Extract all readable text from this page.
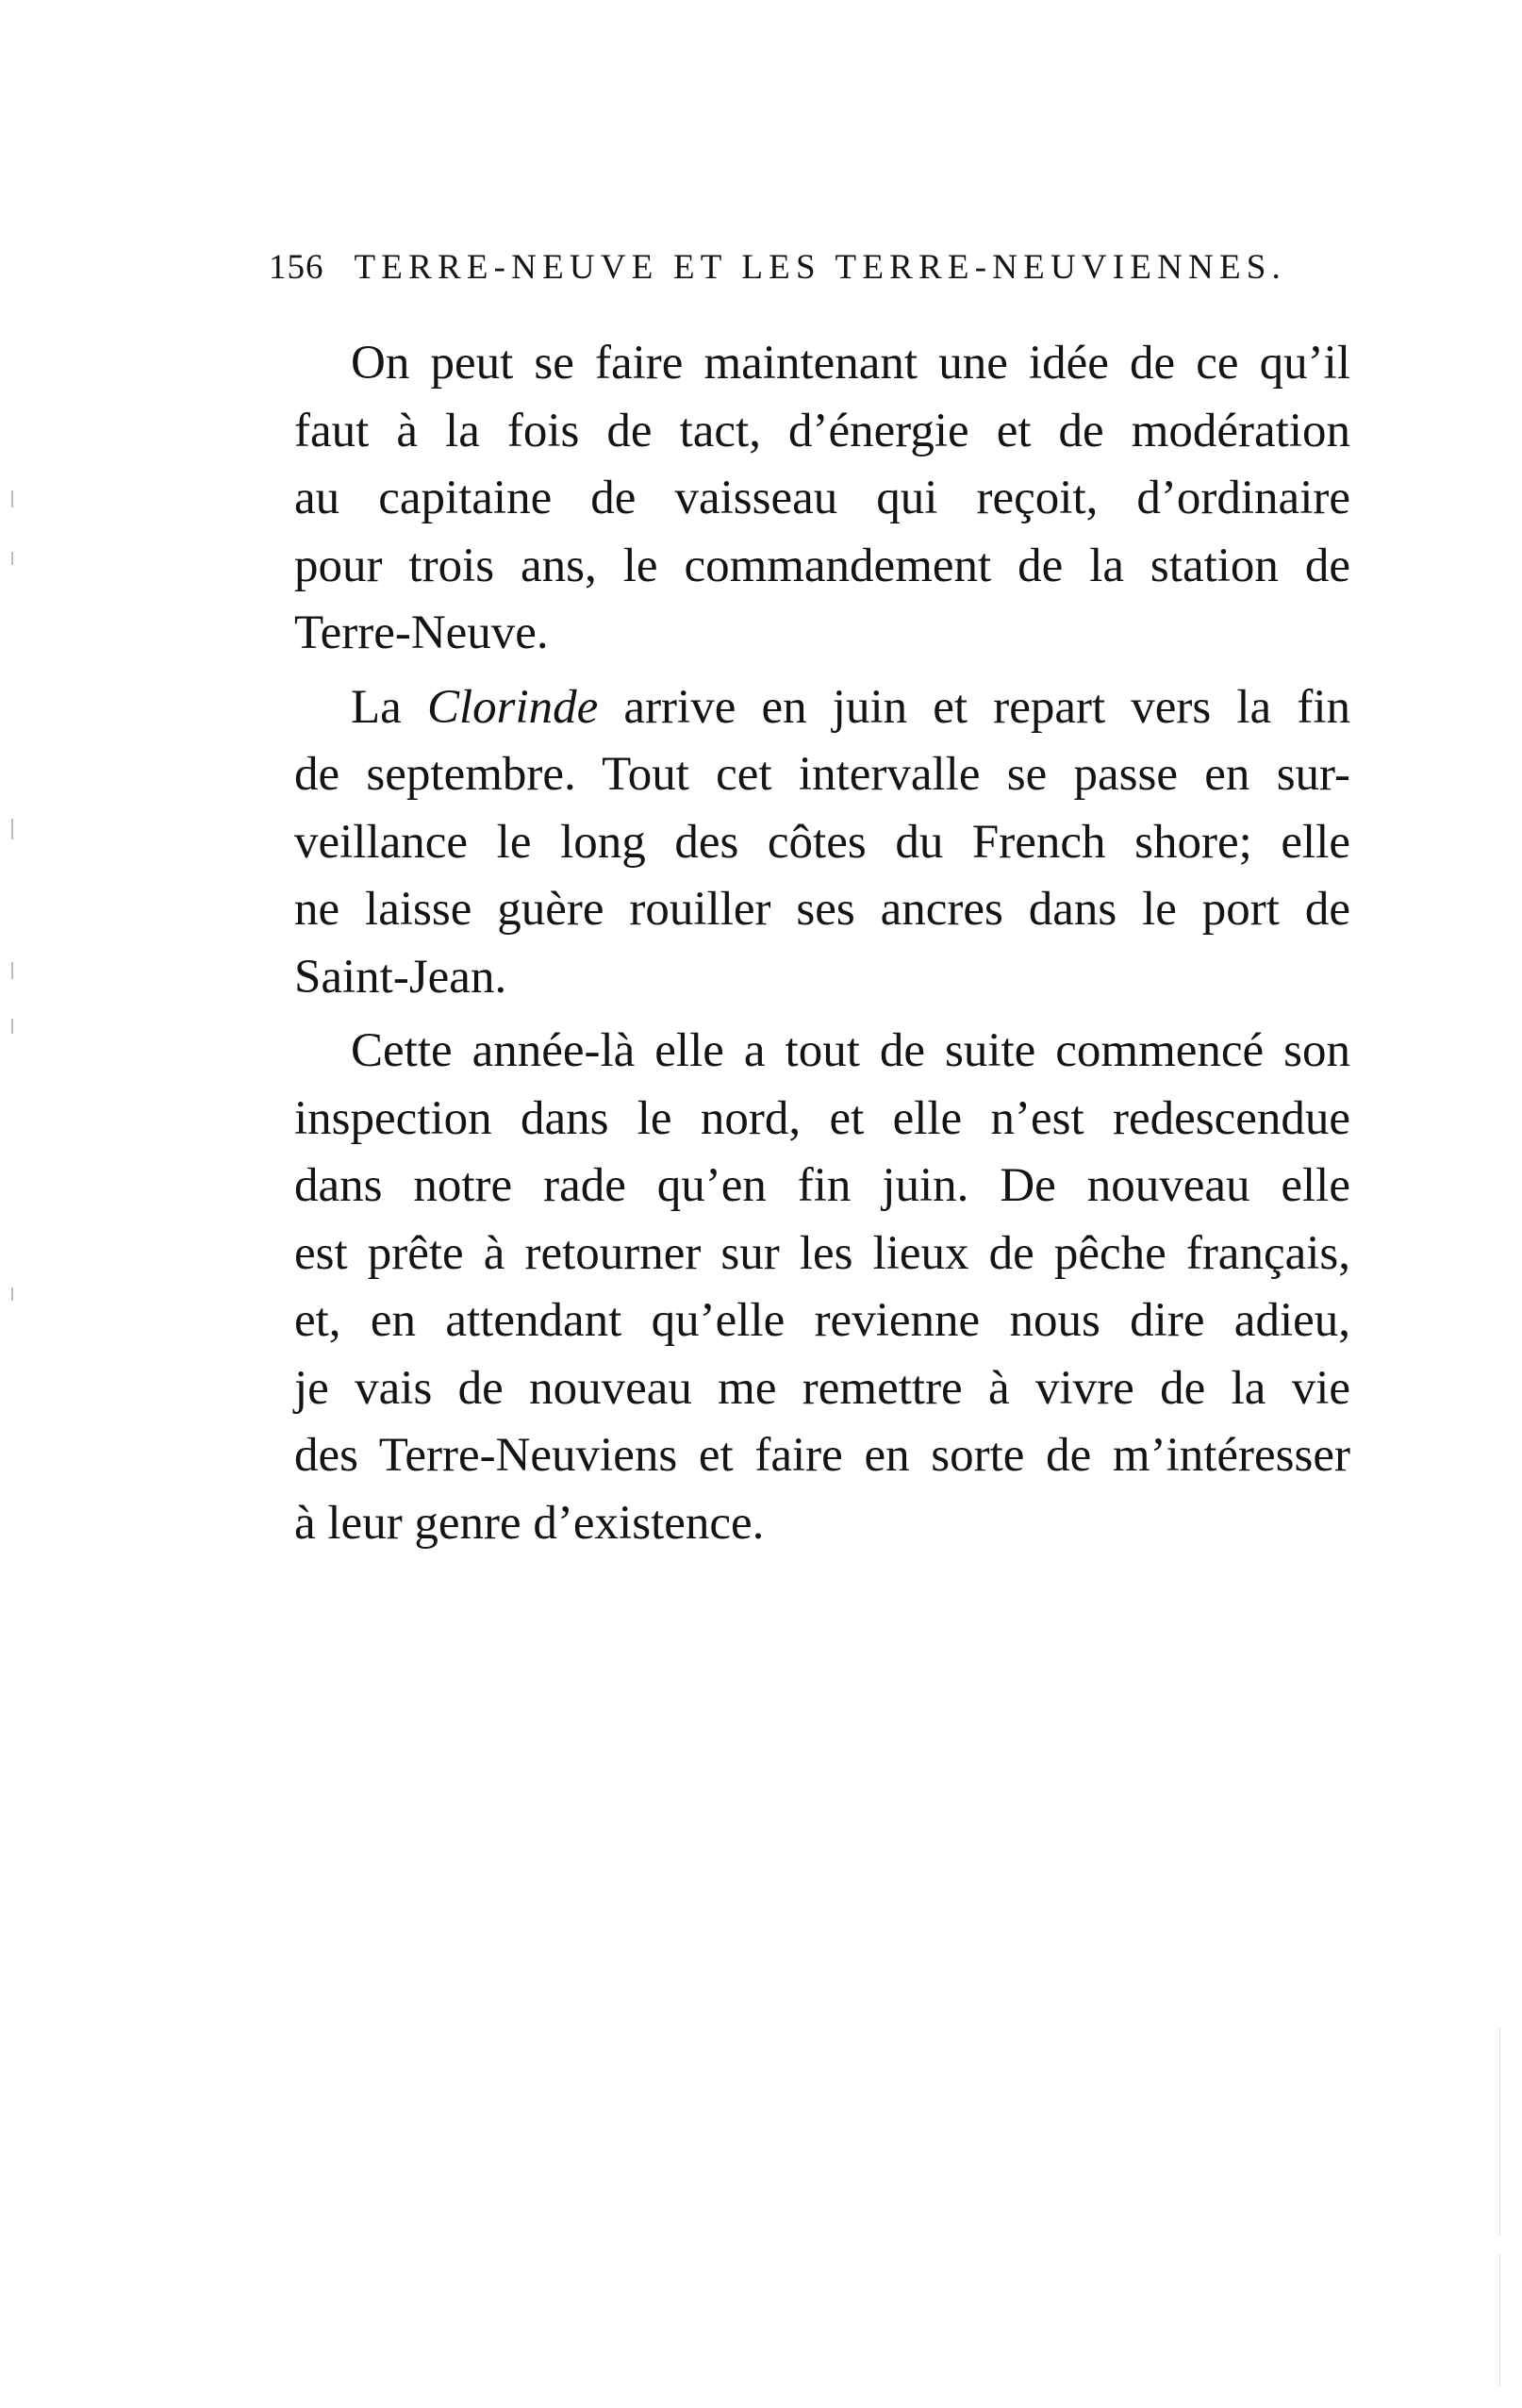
156 TERRE-NEUVE ET LES TERRE-NEUVIENNES.
On peut se faire maintenant une idée de ce qu’il
faut à la fois de tact, d’énergie et de modération
au capitaine de vaisseau qui reçoit, d’ordinaire
pour trois ans, le commandement de la station de
Terre-Neuve.
La Clorinde arrive en juin et repart vers la fin
de septembre. Tout cet intervalle se passe en sur-
veillance le long des côtes du French shore; elle
ne laisse guère rouiller ses ancres dans le port de
Saint-Jean.
Cette année-là elle a tout de suite commencé son
inspection dans le nord, et elle n’est redescendue
dans notre rade qu’en fin juin. De nouveau elle
est prête à retourner sur les lieux de pêche français,
et, en attendant qu’elle revienne nous dire adieu,
je vais de nouveau me remettre à vivre de la vie
des Terre-Neuviens et faire en sorte de m’intéresser
à leur genre d’existence.
